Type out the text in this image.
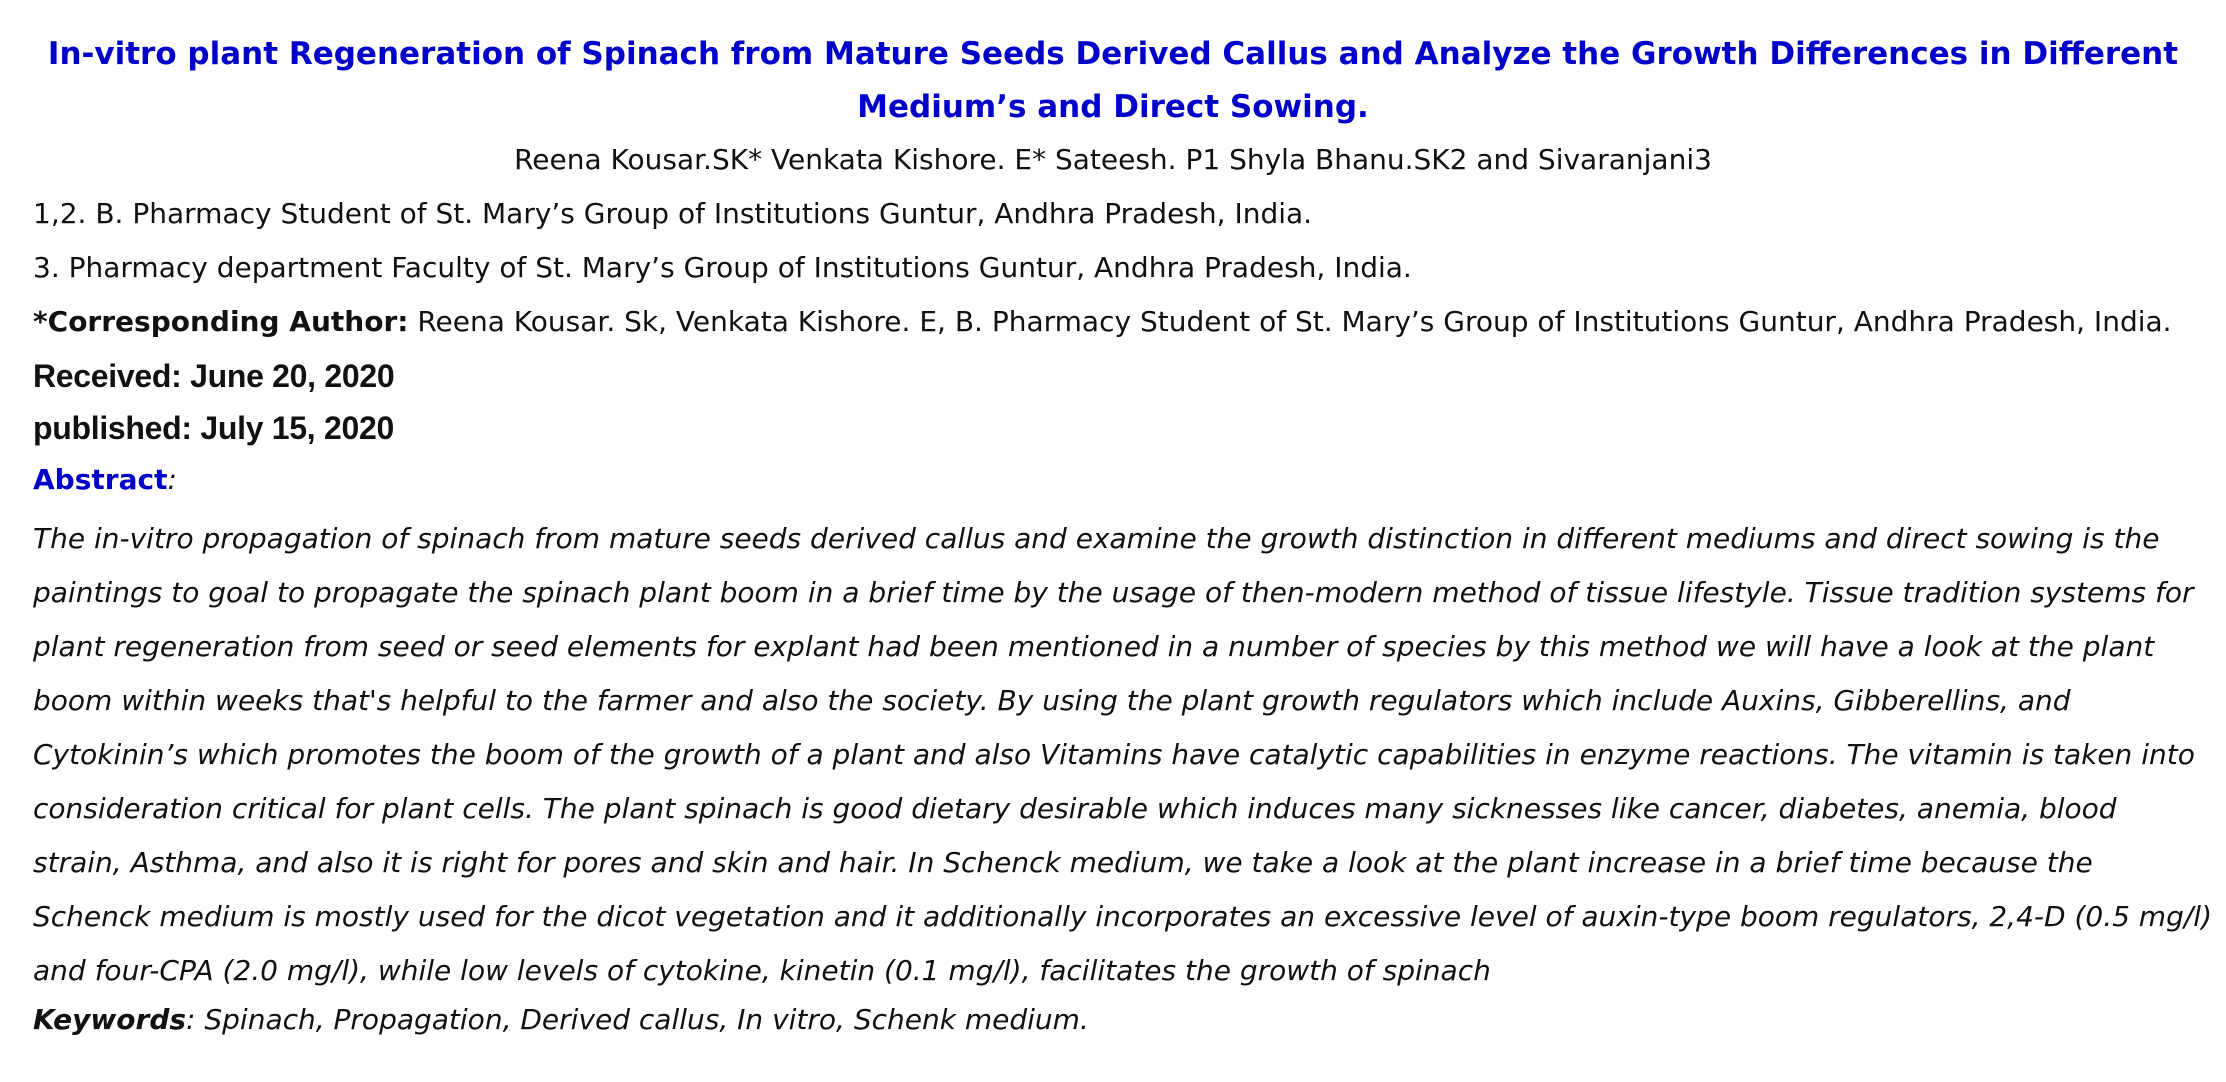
In-vitro plant Regeneration of Spinach from Mature Seeds Derived Callus and Analyze the Growth Differences in Different Medium’s and Direct Sowing.

Reena Kousar.SK* Venkata Kishore. E* Sateesh. P1 Shyla Bhanu.SK2 and Sivaranjani3

1,2. B. Pharmacy Student of St. Mary’s Group of Institutions Guntur, Andhra Pradesh, India.

3. Pharmacy department Faculty of St. Mary’s Group of Institutions Guntur, Andhra Pradesh, India.

*Corresponding Author: Reena Kousar. Sk, Venkata Kishore. E, B. Pharmacy Student of St. Mary’s Group of Institutions Guntur, Andhra Pradesh, India.

Received: June 20, 2020

published: July 15, 2020

Abstract:

The in-vitro propagation of spinach from mature seeds derived callus and examine the growth distinction in different mediums and direct sowing is the paintings to goal to propagate the spinach plant boom in a brief time by the usage of then-modern method of tissue lifestyle. Tissue tradition systems for plant regeneration from seed or seed elements for explant had been mentioned in a number of species by this method we will have a look at the plant boom within weeks that's helpful to the farmer and also the society. By using the plant growth regulators which include Auxins, Gibberellins, and Cytokinin’s which promotes the boom of the growth of a plant and also Vitamins have catalytic capabilities in enzyme reactions. The vitamin is taken into consideration critical for plant cells. The plant spinach is good dietary desirable which induces many sicknesses like cancer, diabetes, anemia, blood strain, Asthma, and also it is right for pores and skin and hair. In Schenck medium, we take a look at the plant increase in a brief time because the Schenck medium is mostly used for the dicot vegetation and it additionally incorporates an excessive level of auxin-type boom regulators, 2,4-D (0.5 mg/l) and four-CPA (2.0 mg/l), while low levels of cytokine, kinetin (0.1 mg/l), facilitates the growth of spinach

Keywords: Spinach, Propagation, Derived callus, In vitro, Schenk medium.
